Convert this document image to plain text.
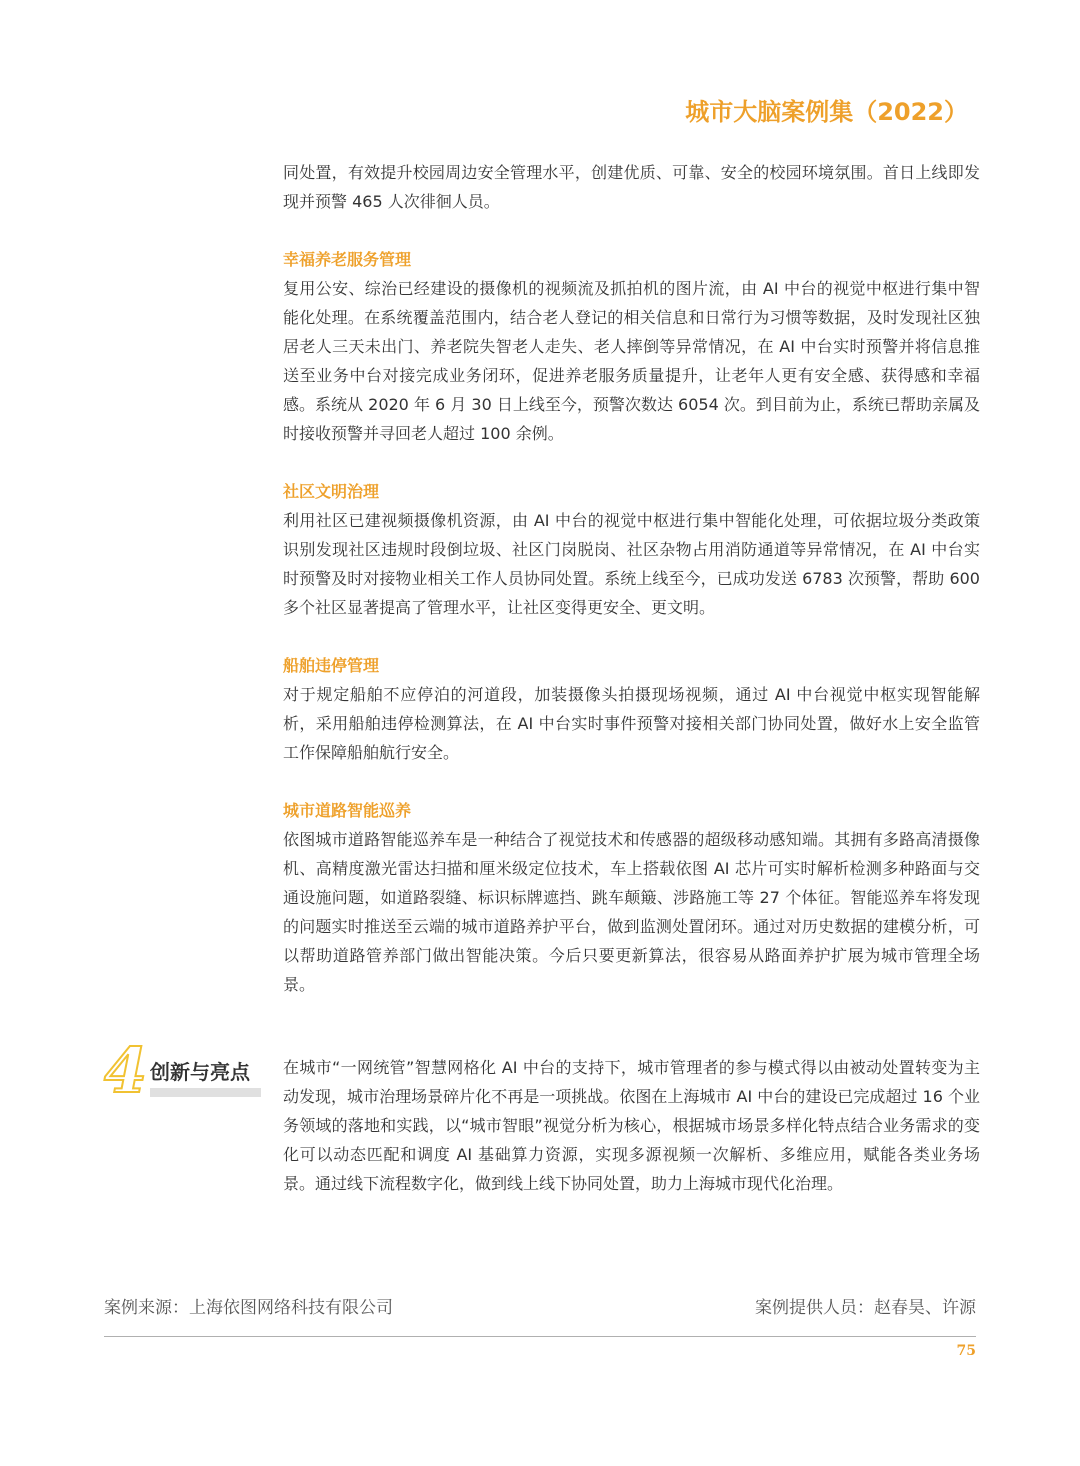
城市大脑案例集（2022）

同处置，有效提升校园周边安全管理水平，创建优质、可靠、安全的校园环境氛围。首日上线即发现并预警 465 人次徘徊人员。

幸福养老服务管理

复用公安、综治已经建设的摄像机的视频流及抓拍机的图片流，由 AI 中台的视觉中枢进行集中智能化处理。在系统覆盖范围内，结合老人登记的相关信息和日常行为习惯等数据，及时发现社区独居老人三天未出门、养老院失智老人走失、老人摔倒等异常情况，在 AI 中台实时预警并将信息推送至业务中台对接完成业务闭环，促进养老服务质量提升，让老年人更有安全感、获得感和幸福感。系统从 2020 年 6 月 30 日上线至今，预警次数达 6054 次。到目前为止，系统已帮助亲属及时接收预警并寻回老人超过 100 余例。

社区文明治理

利用社区已建视频摄像机资源，由 AI 中台的视觉中枢进行集中智能化处理，可依据垃圾分类政策识别发现社区违规时段倒垃圾、社区门岗脱岗、社区杂物占用消防通道等异常情况，在 AI 中台实时预警及时对接物业相关工作人员协同处置。系统上线至今，已成功发送 6783 次预警，帮助 600 多个社区显著提高了管理水平，让社区变得更安全、更文明。

船舶违停管理

对于规定船舶不应停泊的河道段，加装摄像头拍摄现场视频，通过 AI 中台视觉中枢实现智能解析，采用船舶违停检测算法，在 AI 中台实时事件预警对接相关部门协同处置，做好水上安全监管工作保障船舶航行安全。

城市道路智能巡养

依图城市道路智能巡养车是一种结合了视觉技术和传感器的超级移动感知端。其拥有多路高清摄像机、高精度激光雷达扫描和厘米级定位技术，车上搭载依图 AI 芯片可实时解析检测多种路面与交通设施问题，如道路裂缝、标识标牌遮挡、跳车颠簸、涉路施工等 27 个体征。智能巡养车将发现的问题实时推送至云端的城市道路养护平台，做到监测处置闭环。通过对历史数据的建模分析，可以帮助道路管养部门做出智能决策。今后只要更新算法，很容易从路面养护扩展为城市管理全场景。

4 创新与亮点 在城市“一网统管”智慧网格化 AI 中台的支持下，城市管理者的参与模式得以由被动处置转变为主动发现，城市治理场景碎片化不再是一项挑战。依图在上海城市 AI 中台的建设已完成超过 16 个业务领域的落地和实践，以“城市智眼”视觉分析为核心，根据城市场景多样化特点结合业务需求的变化可以动态匹配和调度 AI 基础算力资源，实现多源视频一次解析、多维应用，赋能各类业务场景。通过线下流程数字化，做到线上线下协同处置，助力上海城市现代化治理。

案例来源：上海依图网络科技有限公司	案例提供人员：赵春昊、许源
75
